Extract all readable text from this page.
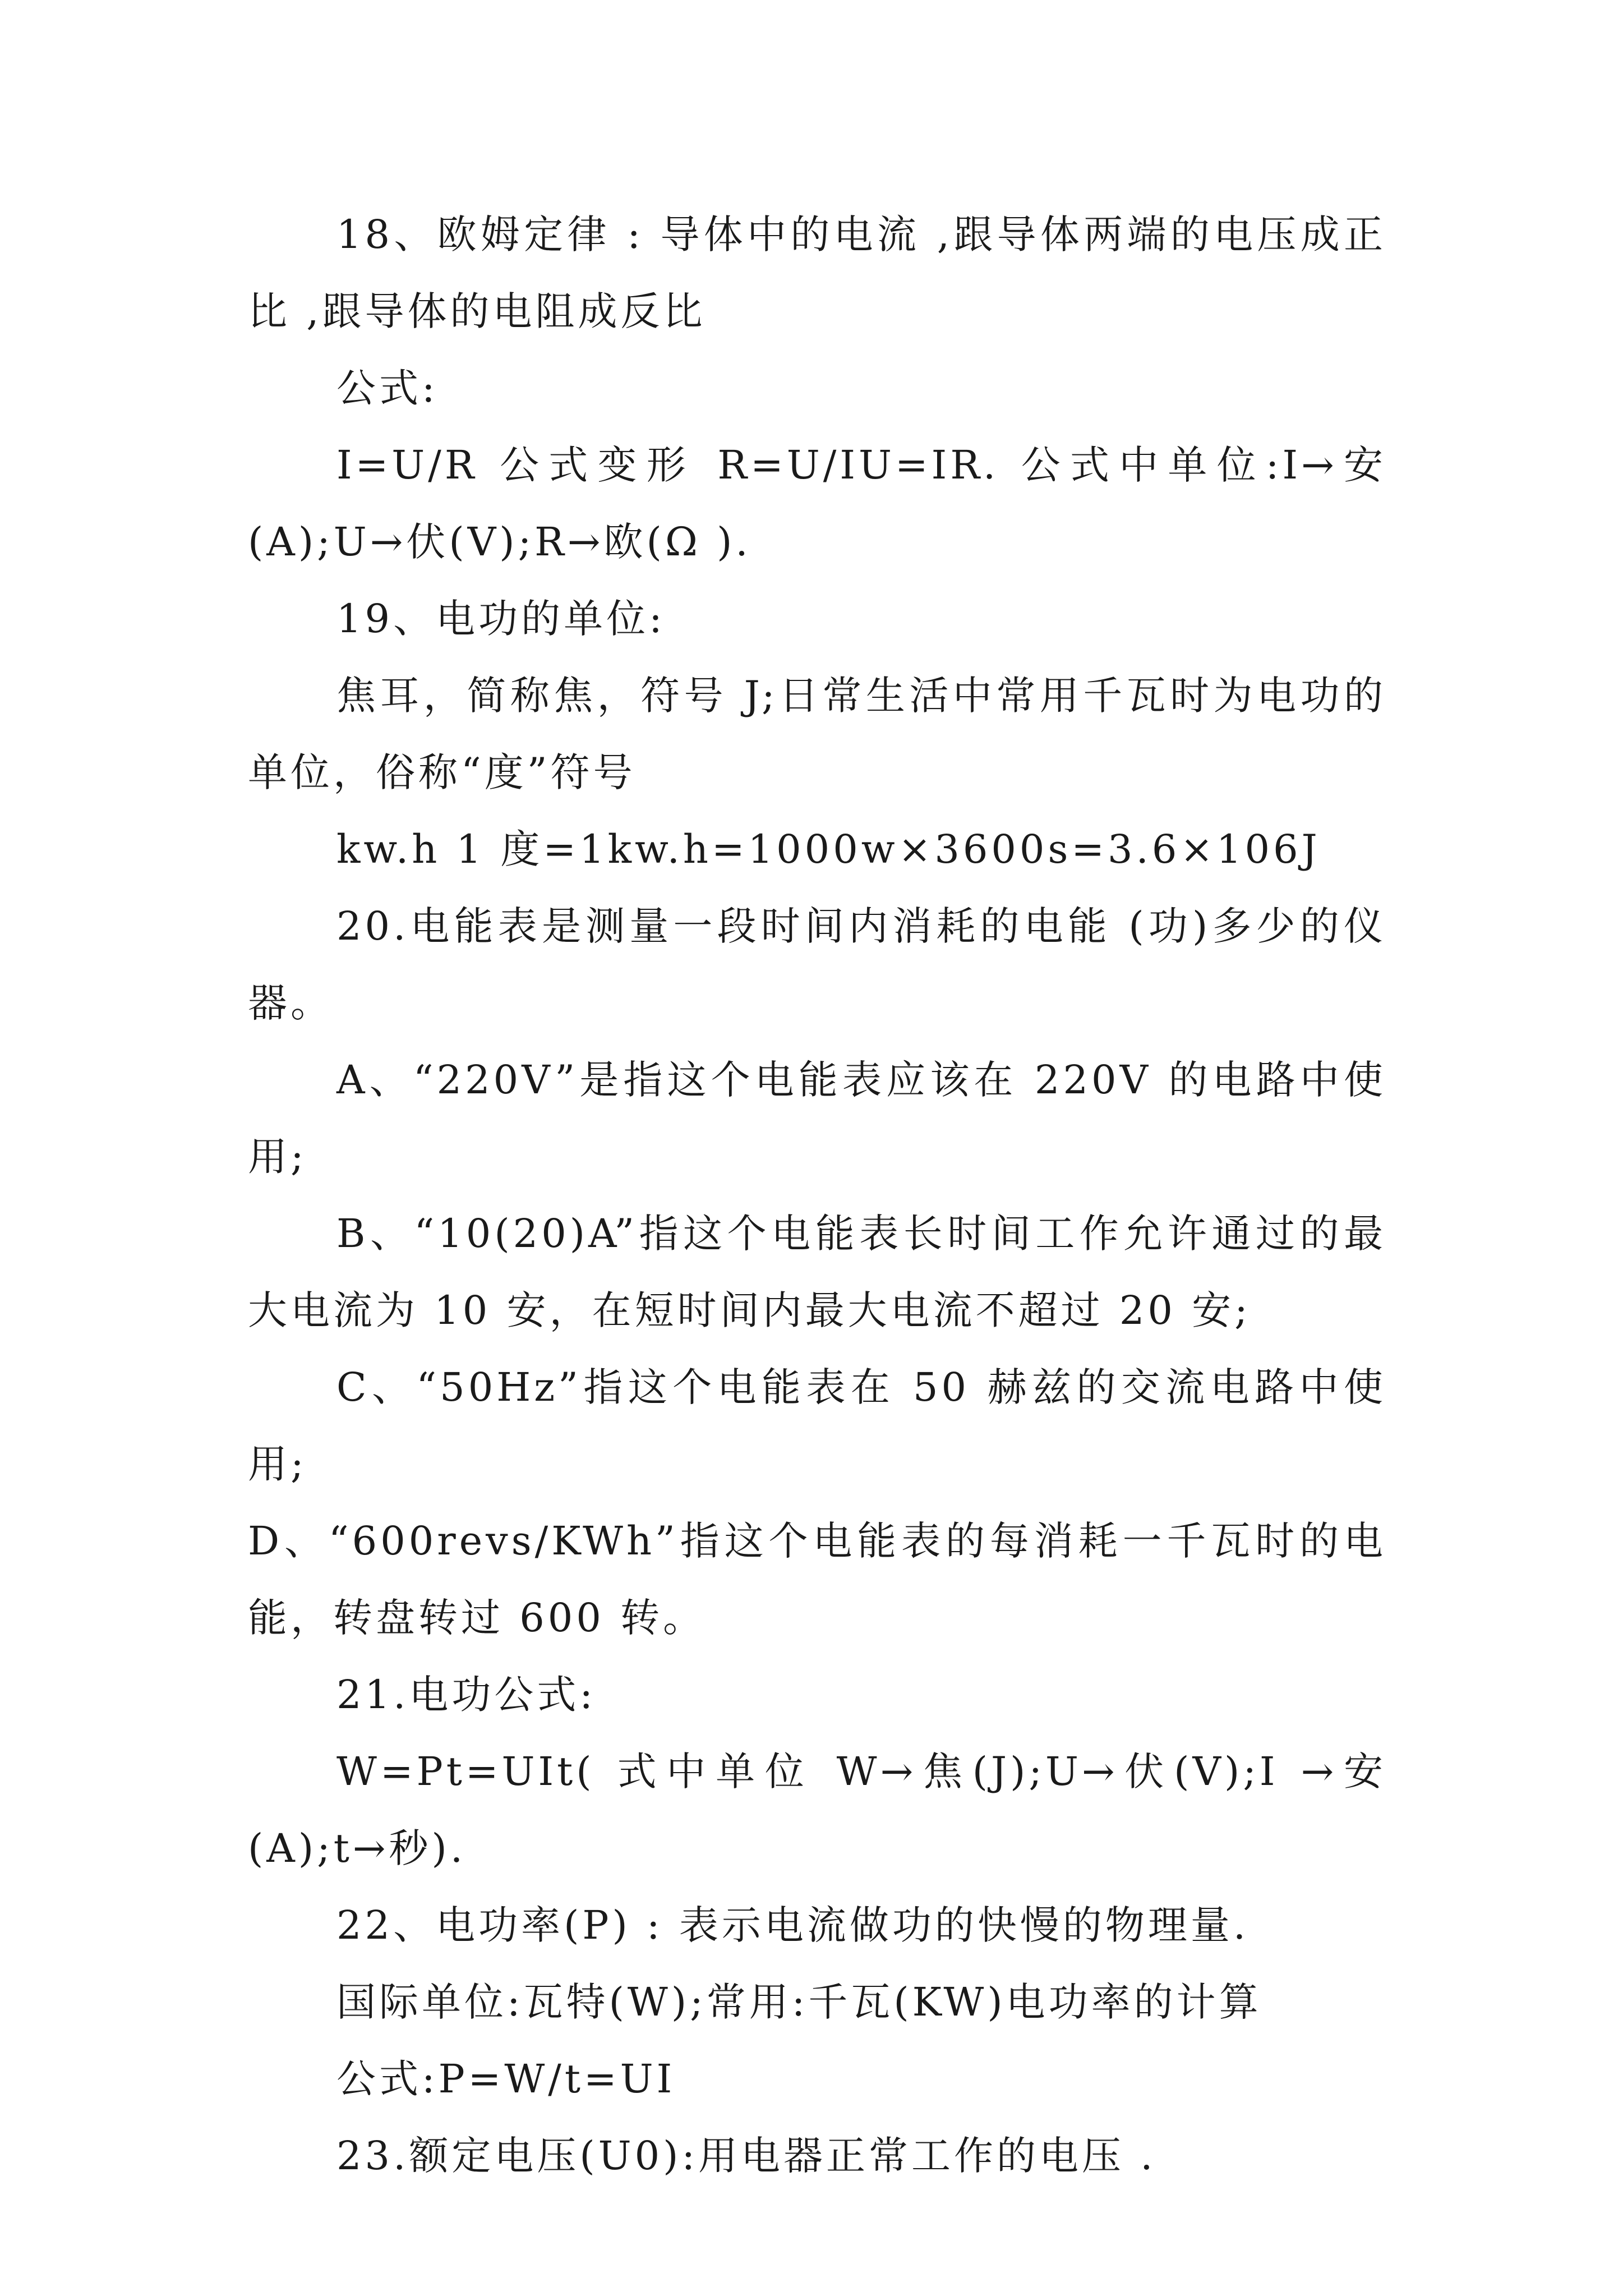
18、欧姆定律 : 导体中的电流 ,跟导体两端的电压成正比 ,跟导体的电阻成反比

公式:

I=U/R 公式变形 R=U/IU=IR. 公式中单位:I→安(A);U→伏(V);R→欧(Ω ).

19、电功的单位:

焦耳，简称焦，符号 J;日常生活中常用千瓦时为电功的单位，俗称“度”符号

kw.h 1 度=1kw.h=1000w×3600s=3.6×106J

20.电能表是测量一段时间内消耗的电能 (功)多少的仪器。

A、“220V”是指这个电能表应该在 220V 的电路中使用;

B、“10(20)A”指这个电能表长时间工作允许通过的最大电流为 10 安，在短时间内最大电流不超过 20 安;

C、“50Hz”指这个电能表在 50 赫兹的交流电路中使用;

D、“600revs/KWh”指这个电能表的每消耗一千瓦时的电能，转盘转过 600 转。

21.电功公式:

W=Pt=UIt( 式中单位 W→焦(J);U→伏(V);I →安(A);t→秒).

22、电功率(P) : 表示电流做功的快慢的物理量.

国际单位:瓦特(W);常用:千瓦(KW)电功率的计算

公式:P=W/t=UI

23.额定电压(U0):用电器正常工作的电压 .
